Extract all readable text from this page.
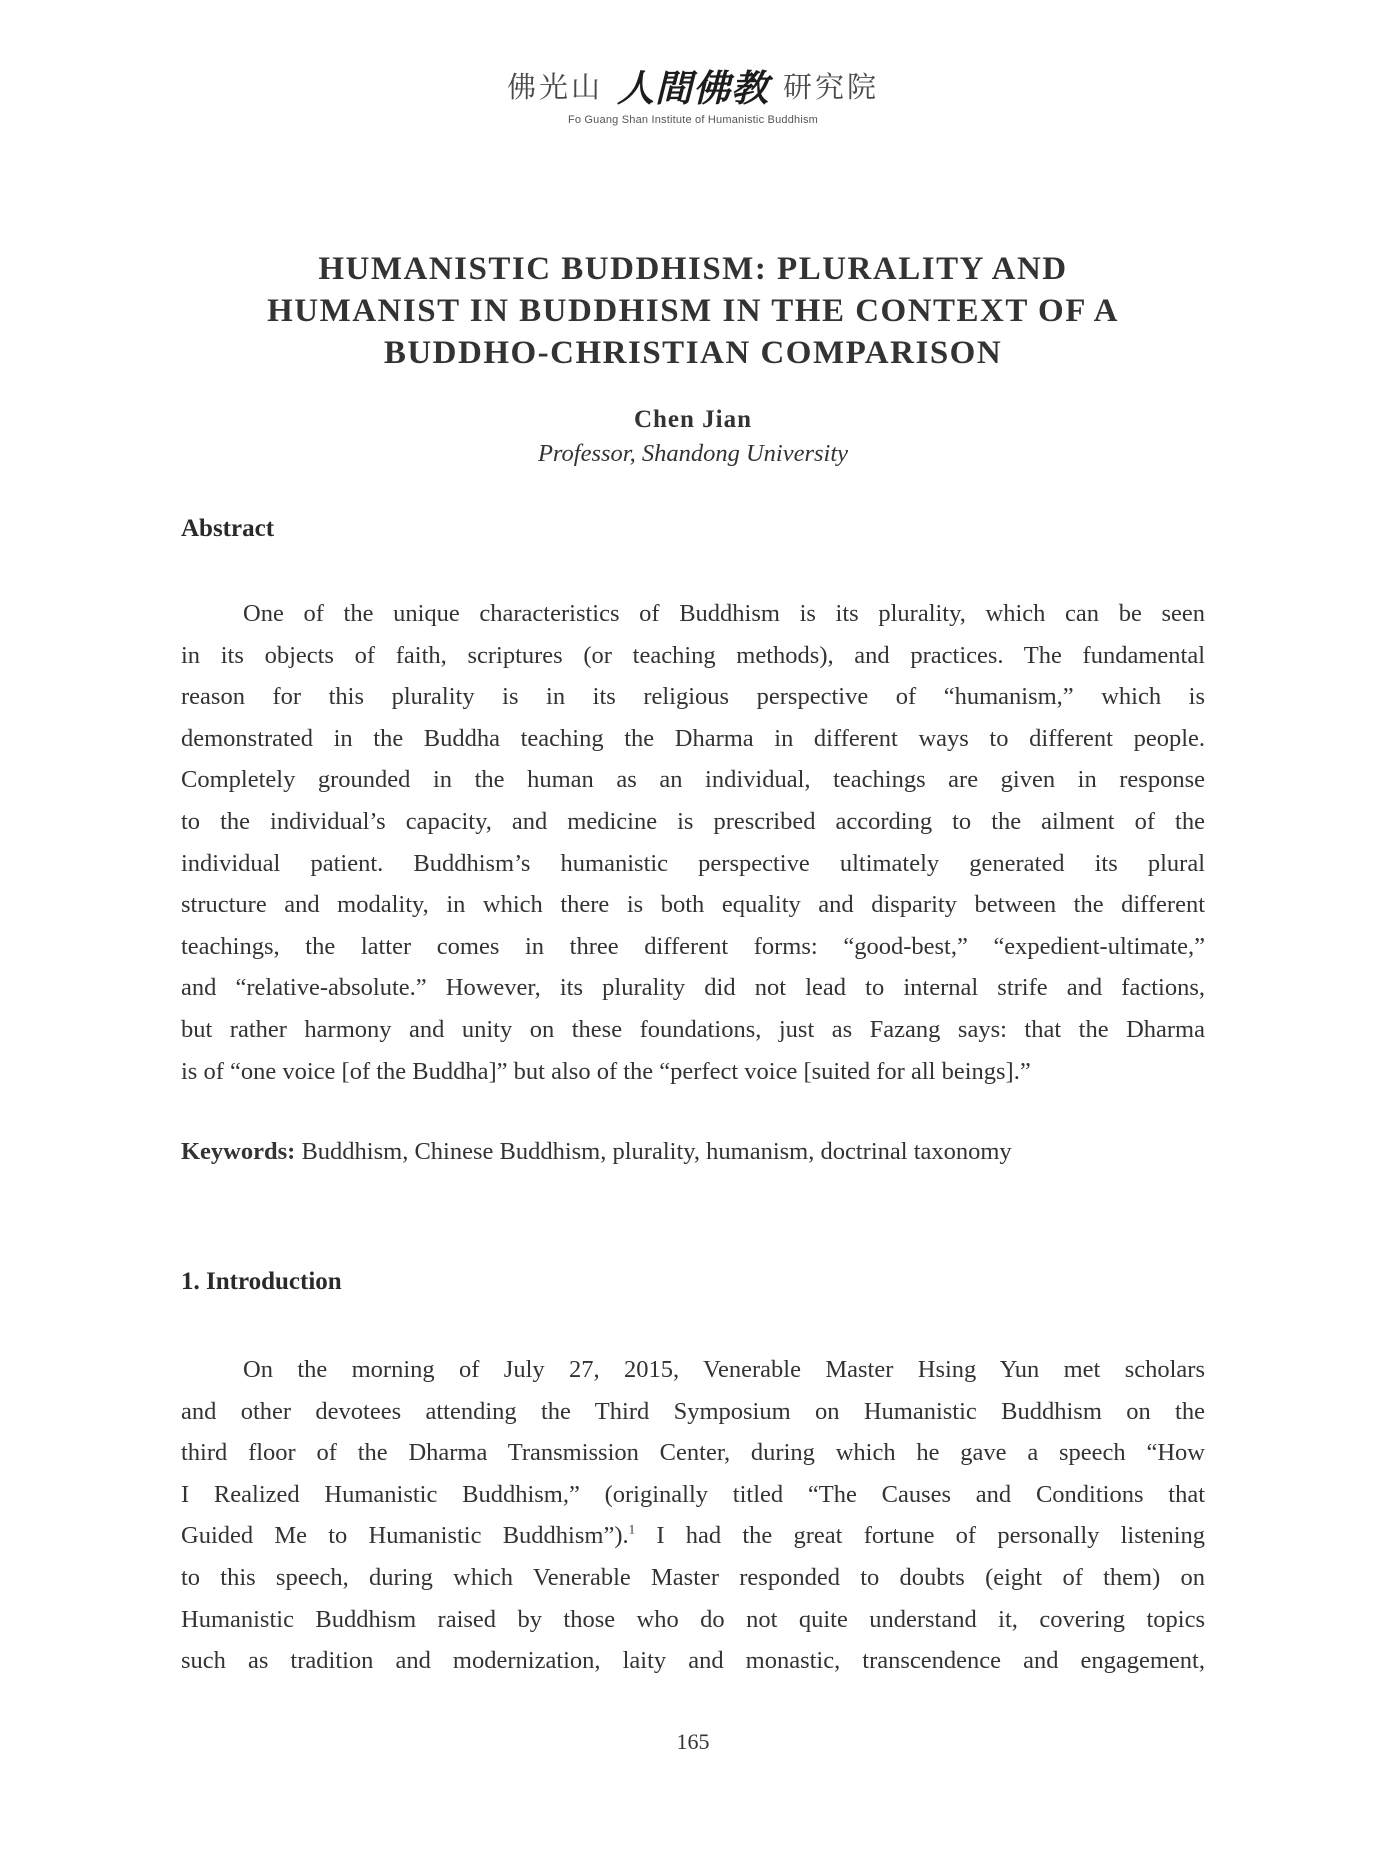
佛光山 人間佛教 研究院
Fo Guang Shan Institute of Humanistic Buddhism
HUMANISTIC BUDDHISM: PLURALITY AND
HUMANIST IN BUDDHISM IN THE CONTEXT OF A
BUDDHO-CHRISTIAN COMPARISON
Chen Jian
Professor, Shandong University
Abstract
One of the unique characteristics of Buddhism is its plurality, which can be seen
in its objects of faith, scriptures (or teaching methods), and practices. The fundamental
reason for this plurality is in its religious perspective of “humanism,” which is
demonstrated in the Buddha teaching the Dharma in different ways to different people.
Completely grounded in the human as an individual, teachings are given in response
to the individual’s capacity, and medicine is prescribed according to the ailment of the
individual patient. Buddhism’s humanistic perspective ultimately generated its plural
structure and modality, in which there is both equality and disparity between the different
teachings, the latter comes in three different forms: “good-best,” “expedient-ultimate,”
and “relative-absolute.” However, its plurality did not lead to internal strife and factions,
but rather harmony and unity on these foundations, just as Fazang says: that the Dharma
is of “one voice [of the Buddha]” but also of the “perfect voice [suited for all beings].”
Keywords: Buddhism, Chinese Buddhism, plurality, humanism, doctrinal taxonomy
1. Introduction
On the morning of July 27, 2015, Venerable Master Hsing Yun met scholars
and other devotees attending the Third Symposium on Humanistic Buddhism on the
third floor of the Dharma Transmission Center, during which he gave a speech “How
I Realized Humanistic Buddhism,” (originally titled “The Causes and Conditions that
Guided Me to Humanistic Buddhism”).$^1$ I had the great fortune of personally listening
to this speech, during which Venerable Master responded to doubts (eight of them) on
Humanistic Buddhism raised by those who do not quite understand it, covering topics
such as tradition and modernization, laity and monastic, transcendence and engagement,
165
